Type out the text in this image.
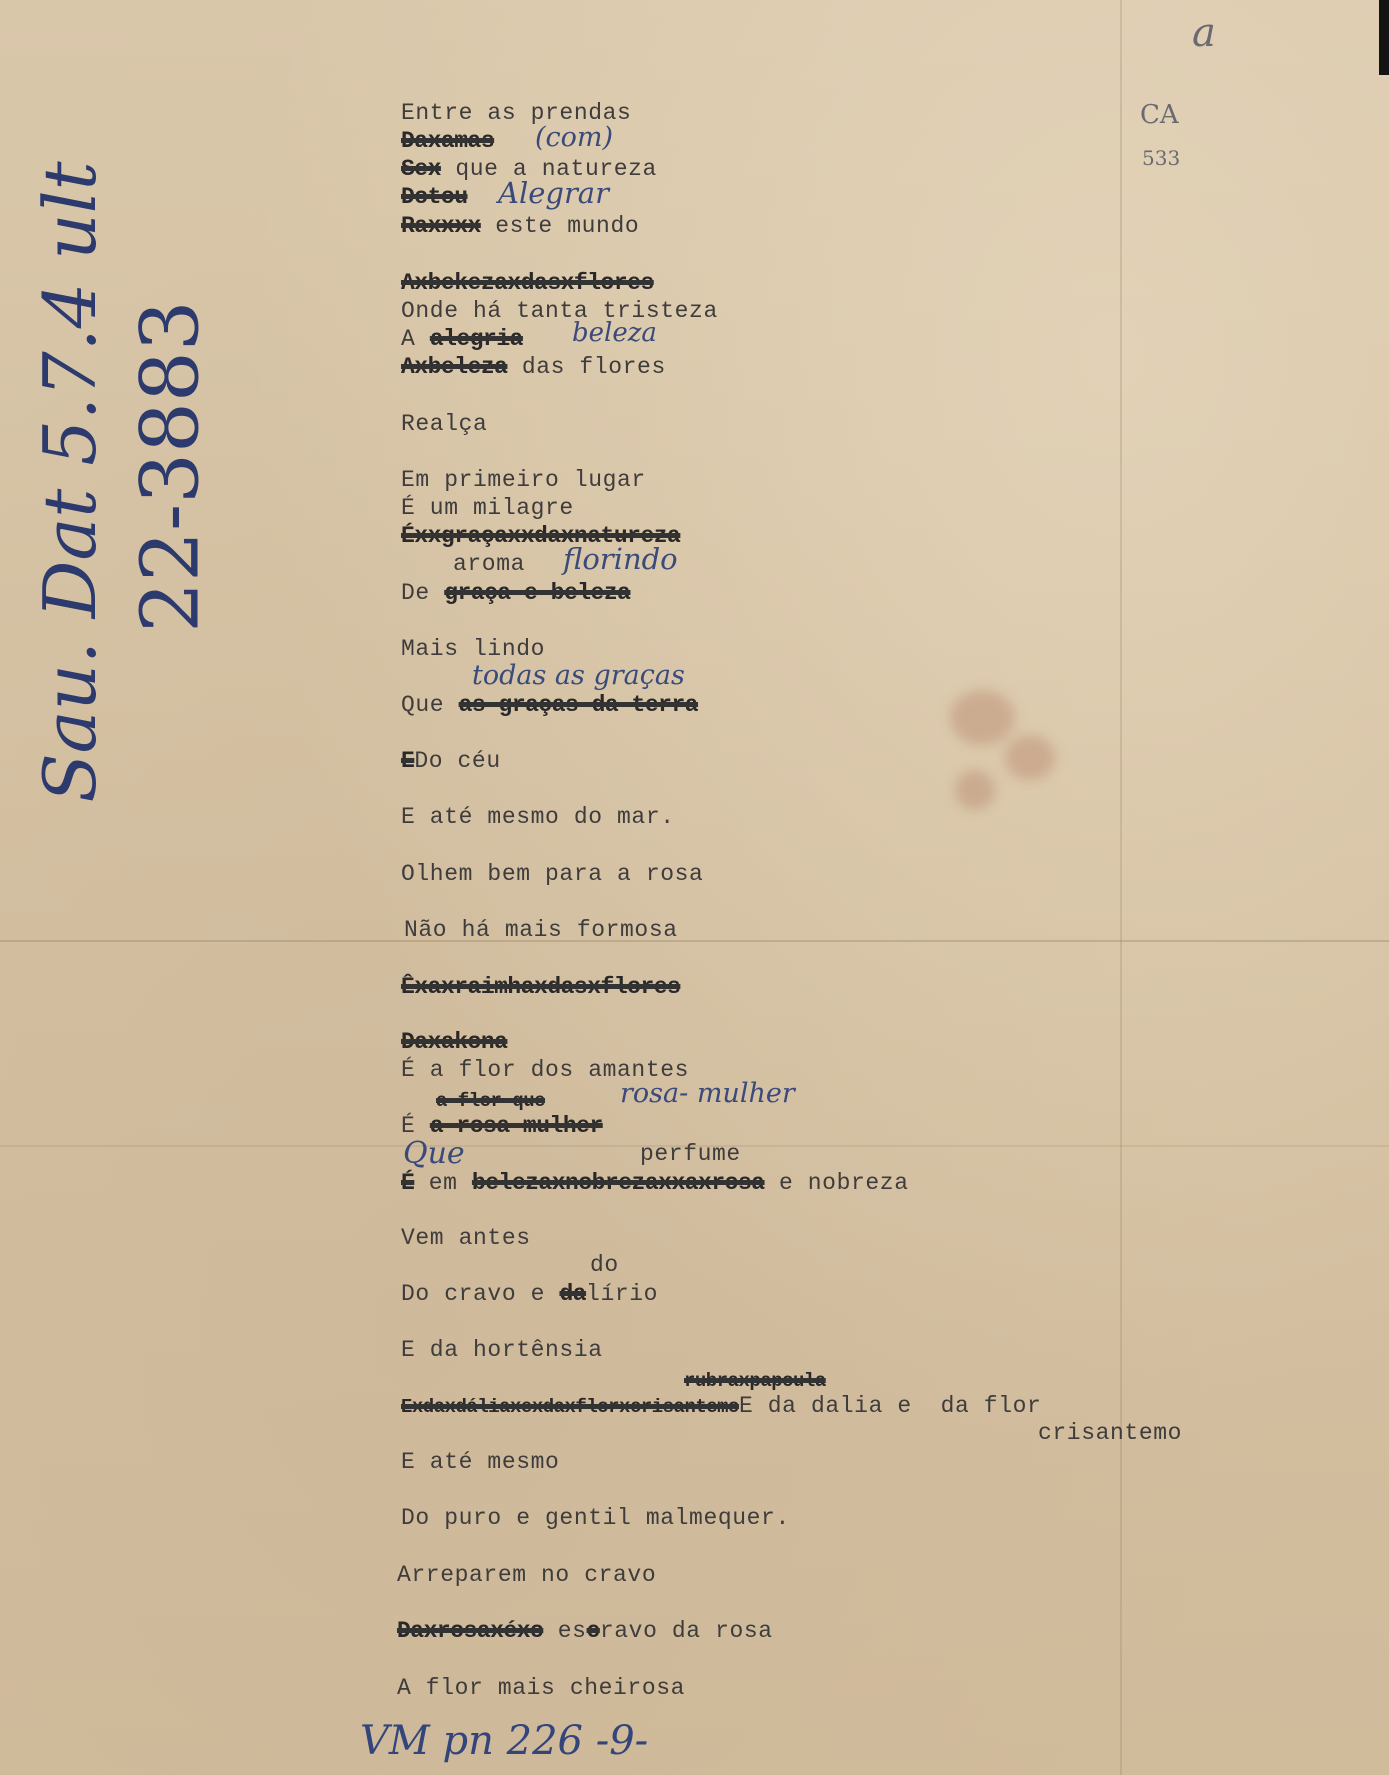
a
CA
533
Sau. Dat 5.7.4 ult 22-3883
Entre as prendas
Daxamas (com)
Sex que a natureza
Dotou Alegrar
Raxxxx este mundo
Axbekezaxdasxflores
Onde há tanta tristeza
A alegria beleza
Axbeleza das flores
Realça
Em primeiro lugar
É um milagre
Éxxgraçaxxdaxnatureza
aroma florindo
De graça e beleza
Mais lindo
todas as graças
Que as graças da terra
EDo céu
E até mesmo do mar.
Olhem bem para a rosa
Não há mais formosa
Êxaxraimhaxdasxflores
Daxakona
É a flor dos amantes
a flor que	rosa- mulher
É a rosa mulher
Que	perfume
É em belezaxnobrezaxxaxrosa e nobreza
Vem antes
do
Do cravo e dalírio
E da hortênsia
rubraxpapoula
ExdaxdáliaxexdaxflorxcrisantemoE da dalia e  da flor
crisantemo
E até mesmo
Do puro e gentil malmequer.
Arreparem no cravo
Daxrosaxéxo escravo da rosa
A flor mais cheirosa
VM pn 226 -9-
